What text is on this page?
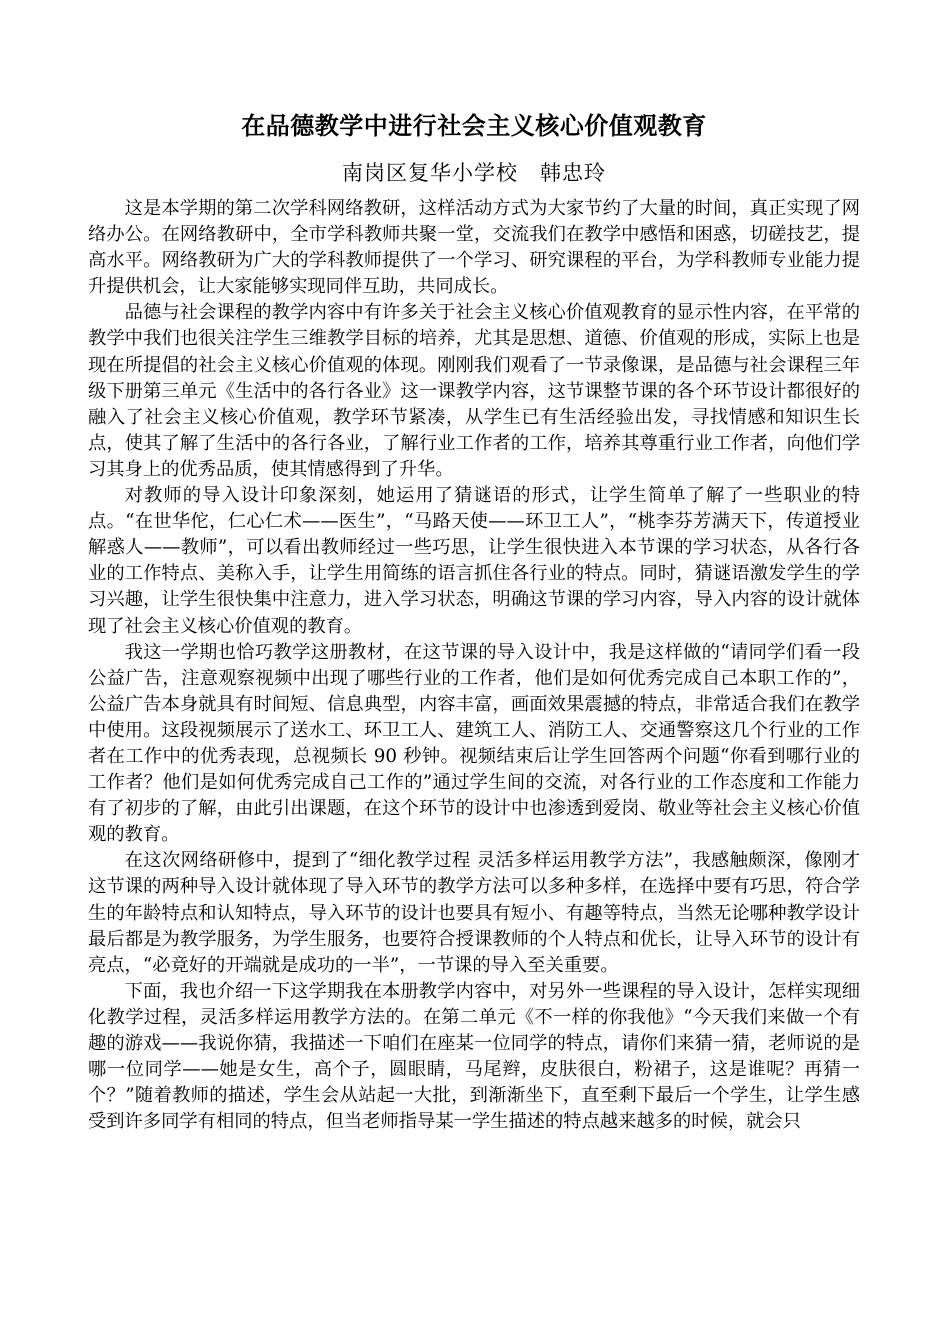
在品德教学中进行社会主义核心价值观教育
南岗区复华小学校 韩忠玲

这是本学期的第二次学科网络教研，这样活动方式为大家节约了大量的时间，真正实现了网络办公。在网络教研中，全市学科教师共聚一堂，交流我们在教学中感悟和困惑，切磋技艺，提高水平。网络教研为广大的学科教师提供了一个学习、研究课程的平台，为学科教师专业能力提升提供机会，让大家能够实现同伴互助，共同成长。

品德与社会课程的教学内容中有许多关于社会主义核心价值观教育的显示性内容，在平常的教学中我们也很关注学生三维教学目标的培养，尤其是思想、道德、价值观的形成，实际上也是现在所提倡的社会主义核心价值观的体现。刚刚我们观看了一节录像课，是品德与社会课程三年级下册第三单元《生活中的各行各业》这一课教学内容，这节课整节课的各个环节设计都很好的融入了社会主义核心价值观，教学环节紧凑，从学生已有生活经验出发，寻找情感和知识生长点，使其了解了生活中的各行各业，了解行业工作者的工作，培养其尊重行业工作者，向他们学习其身上的优秀品质，使其情感得到了升华。

对教师的导入设计印象深刻，她运用了猜谜语的形式，让学生简单了解了一些职业的特点。“在世华佗，仁心仁术——医生”，“马路天使——环卫工人”，“桃李芬芳满天下，传道授业解惑人——教师”，可以看出教师经过一些巧思，让学生很快进入本节课的学习状态，从各行各业的工作特点、美称入手，让学生用简练的语言抓住各行业的特点。同时，猜谜语激发学生的学习兴趣，让学生很快集中注意力，进入学习状态，明确这节课的学习内容，导入内容的设计就体现了社会主义核心价值观的教育。

我这一学期也恰巧教学这册教材，在这节课的导入设计中，我是这样做的“请同学们看一段公益广告，注意观察视频中出现了哪些行业的工作者，他们是如何优秀完成自己本职工作的”，公益广告本身就具有时间短、信息典型，内容丰富，画面效果震撼的特点，非常适合我们在教学中使用。这段视频展示了送水工、环卫工人、建筑工人、消防工人、交通警察这几个行业的工作者在工作中的优秀表现，总视频长 90 秒钟。视频结束后让学生回答两个问题“你看到哪行业的工作者？他们是如何优秀完成自己工作的”通过学生间的交流，对各行业的工作态度和工作能力有了初步的了解，由此引出课题，在这个环节的设计中也渗透到爱岗、敬业等社会主义核心价值观的教育。

在这次网络研修中，提到了“细化教学过程 灵活多样运用教学方法”，我感触颇深，像刚才这节课的两种导入设计就体现了导入环节的教学方法可以多种多样，在选择中要有巧思，符合学生的年龄特点和认知特点，导入环节的设计也要具有短小、有趣等特点，当然无论哪种教学设计最后都是为教学服务，为学生服务，也要符合授课教师的个人特点和优长，让导入环节的设计有亮点，“必竟好的开端就是成功的一半”，一节课的导入至关重要。

下面，我也介绍一下这学期我在本册教学内容中，对另外一些课程的导入设计，怎样实现细化教学过程，灵活多样运用教学方法的。在第二单元《不一样的你我他》“今天我们来做一个有趣的游戏——我说你猜，我描述一下咱们在座某一位同学的特点，请你们来猜一猜，老师说的是哪一位同学——她是女生，高个子，圆眼睛，马尾辫，皮肤很白，粉裙子，这是谁呢？再猜一个？”随着教师的描述，学生会从站起一大批，到渐渐坐下，直至剩下最后一个学生，让学生感受到许多同学有相同的特点，但当老师指导某一学生描述的特点越来越多的时候，就会只
